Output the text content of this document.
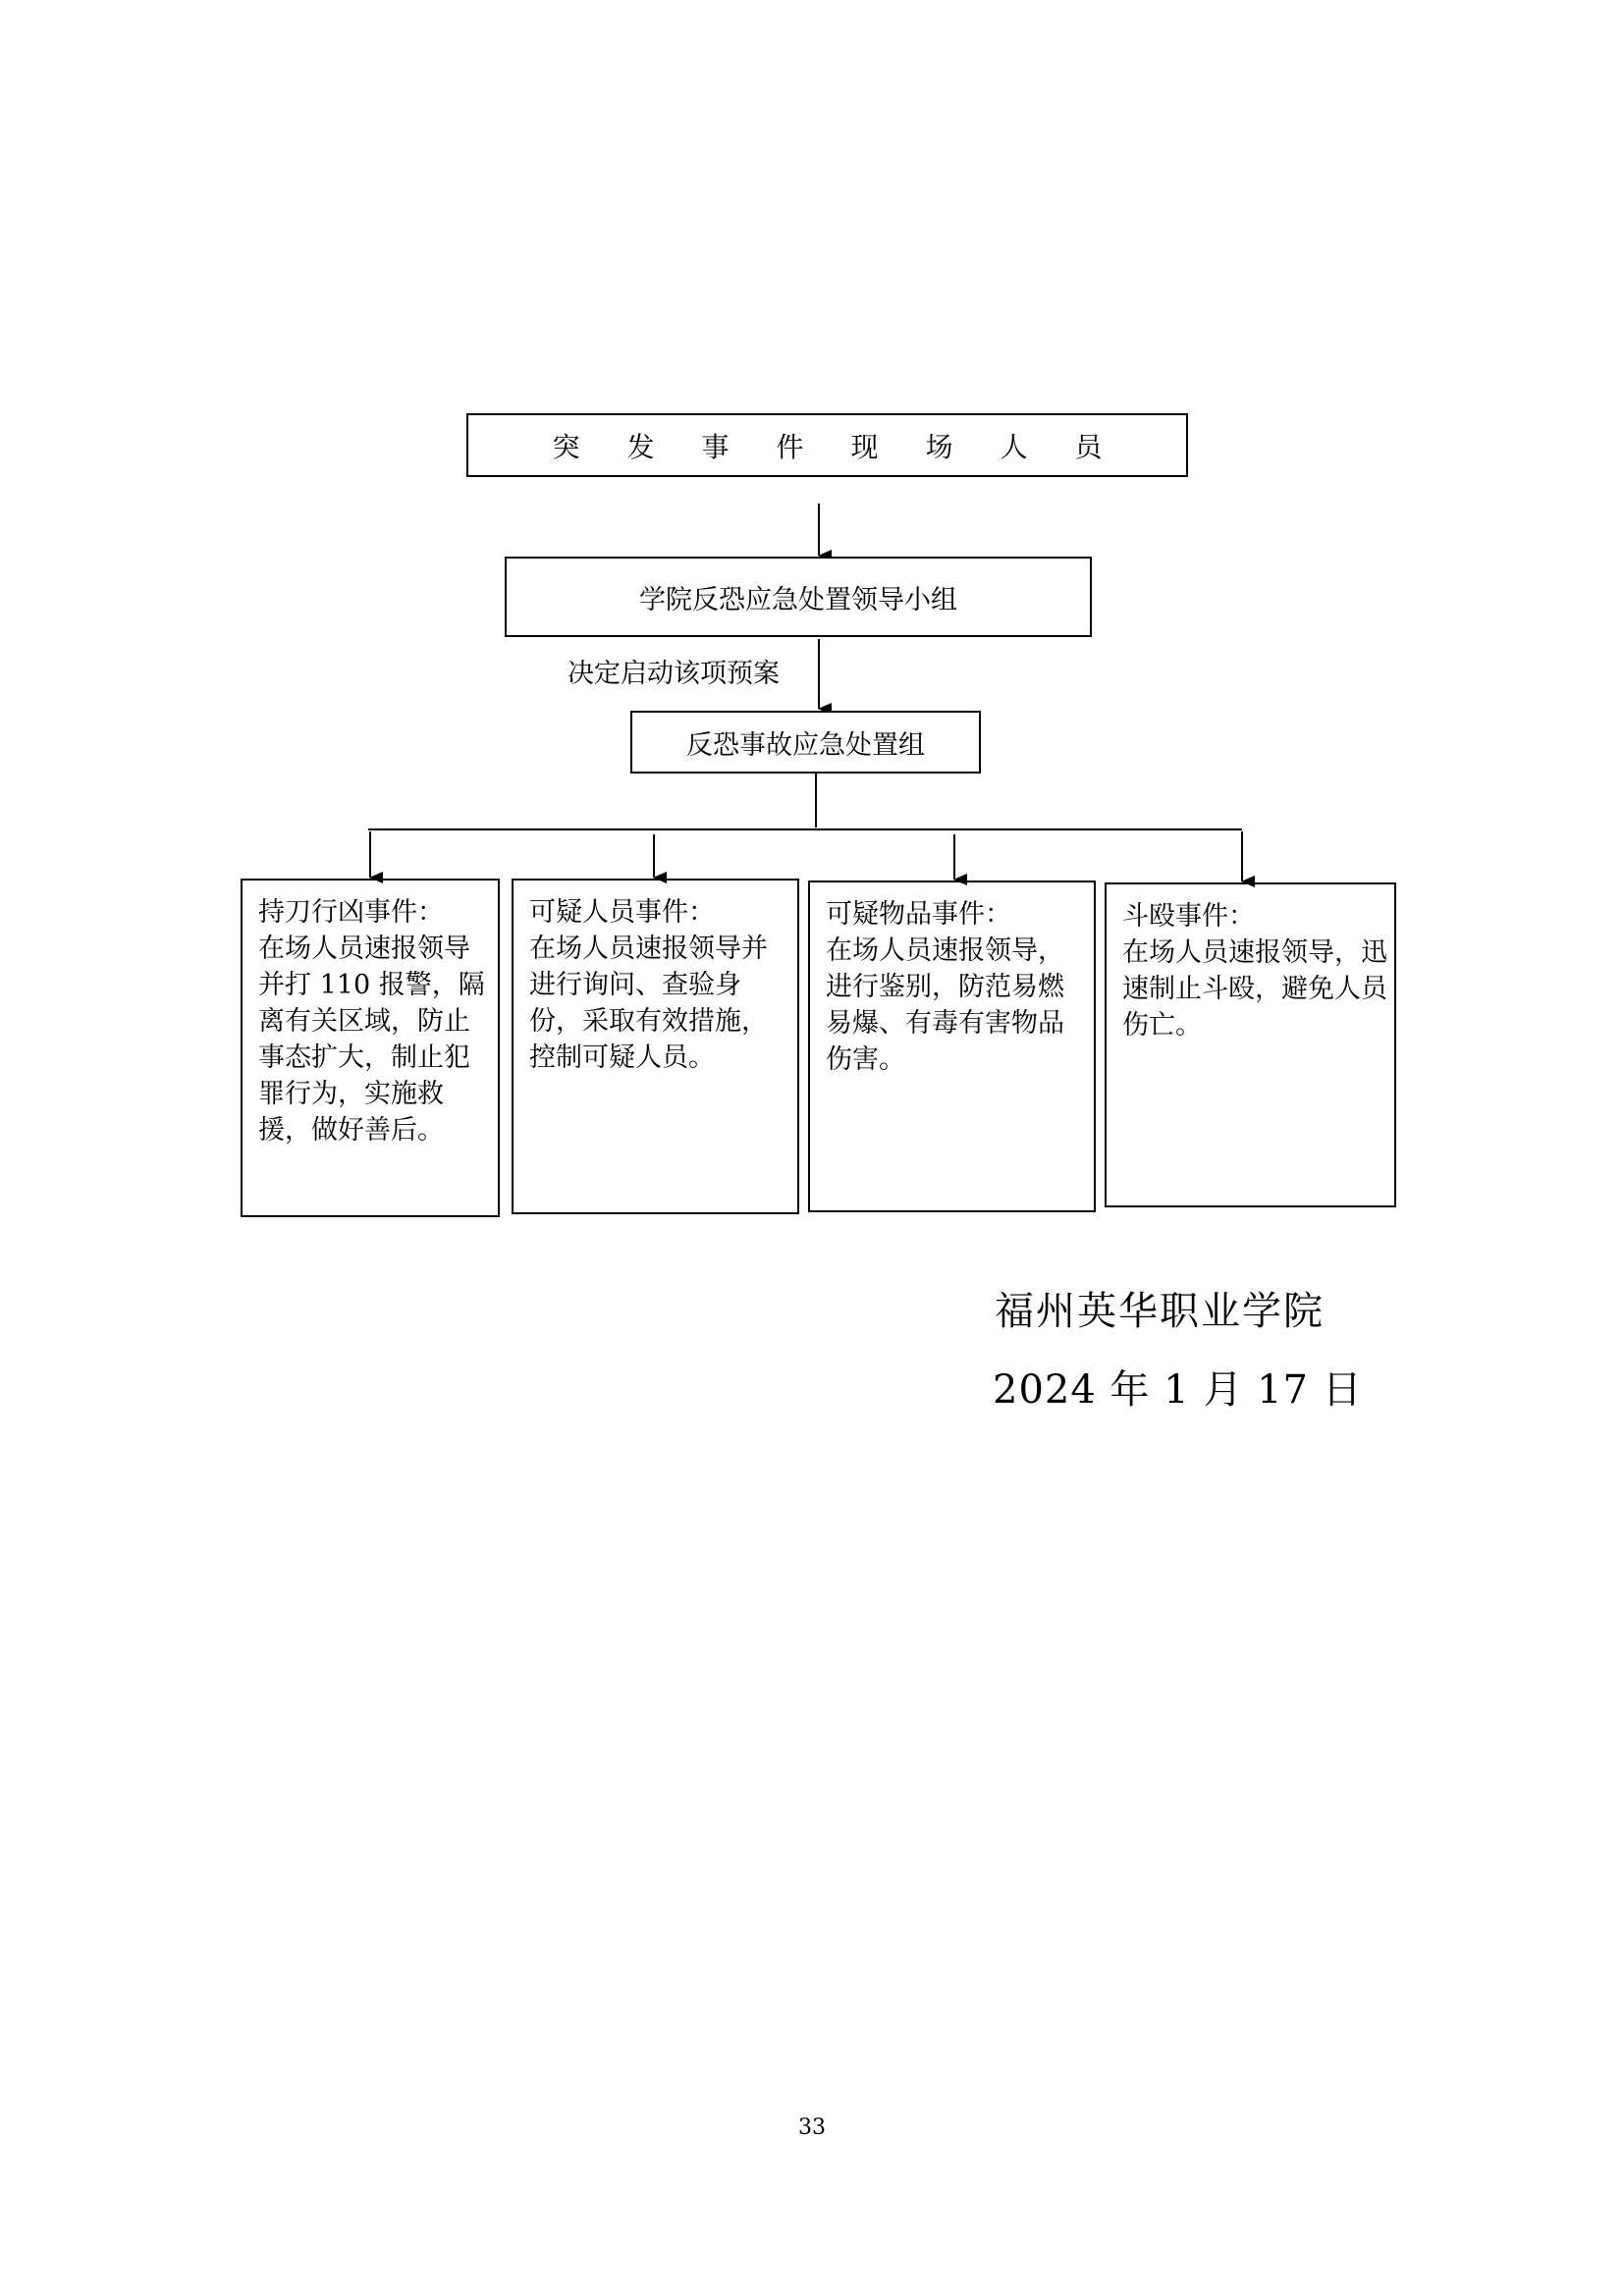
突发事件现场人员
学院反恐应急处置领导小组
决定启动该项预案
反恐事故应急处置组
持刀行凶事件：
在场人员速报领导并打 110 报警，隔离有关区域，防止事态扩大，制止犯罪行为，实施救援，做好善后。
可疑人员事件：
在场人员速报领导并进行询问、查验身份，采取有效措施，控制可疑人员。
可疑物品事件：
在场人员速报领导，进行鉴别，防范易燃易爆、有毒有害物品伤害。
斗殴事件：
在场人员速报领导，迅速制止斗殴，避免人员伤亡。
福州英华职业学院
2024 年 1 月 17 日
33
